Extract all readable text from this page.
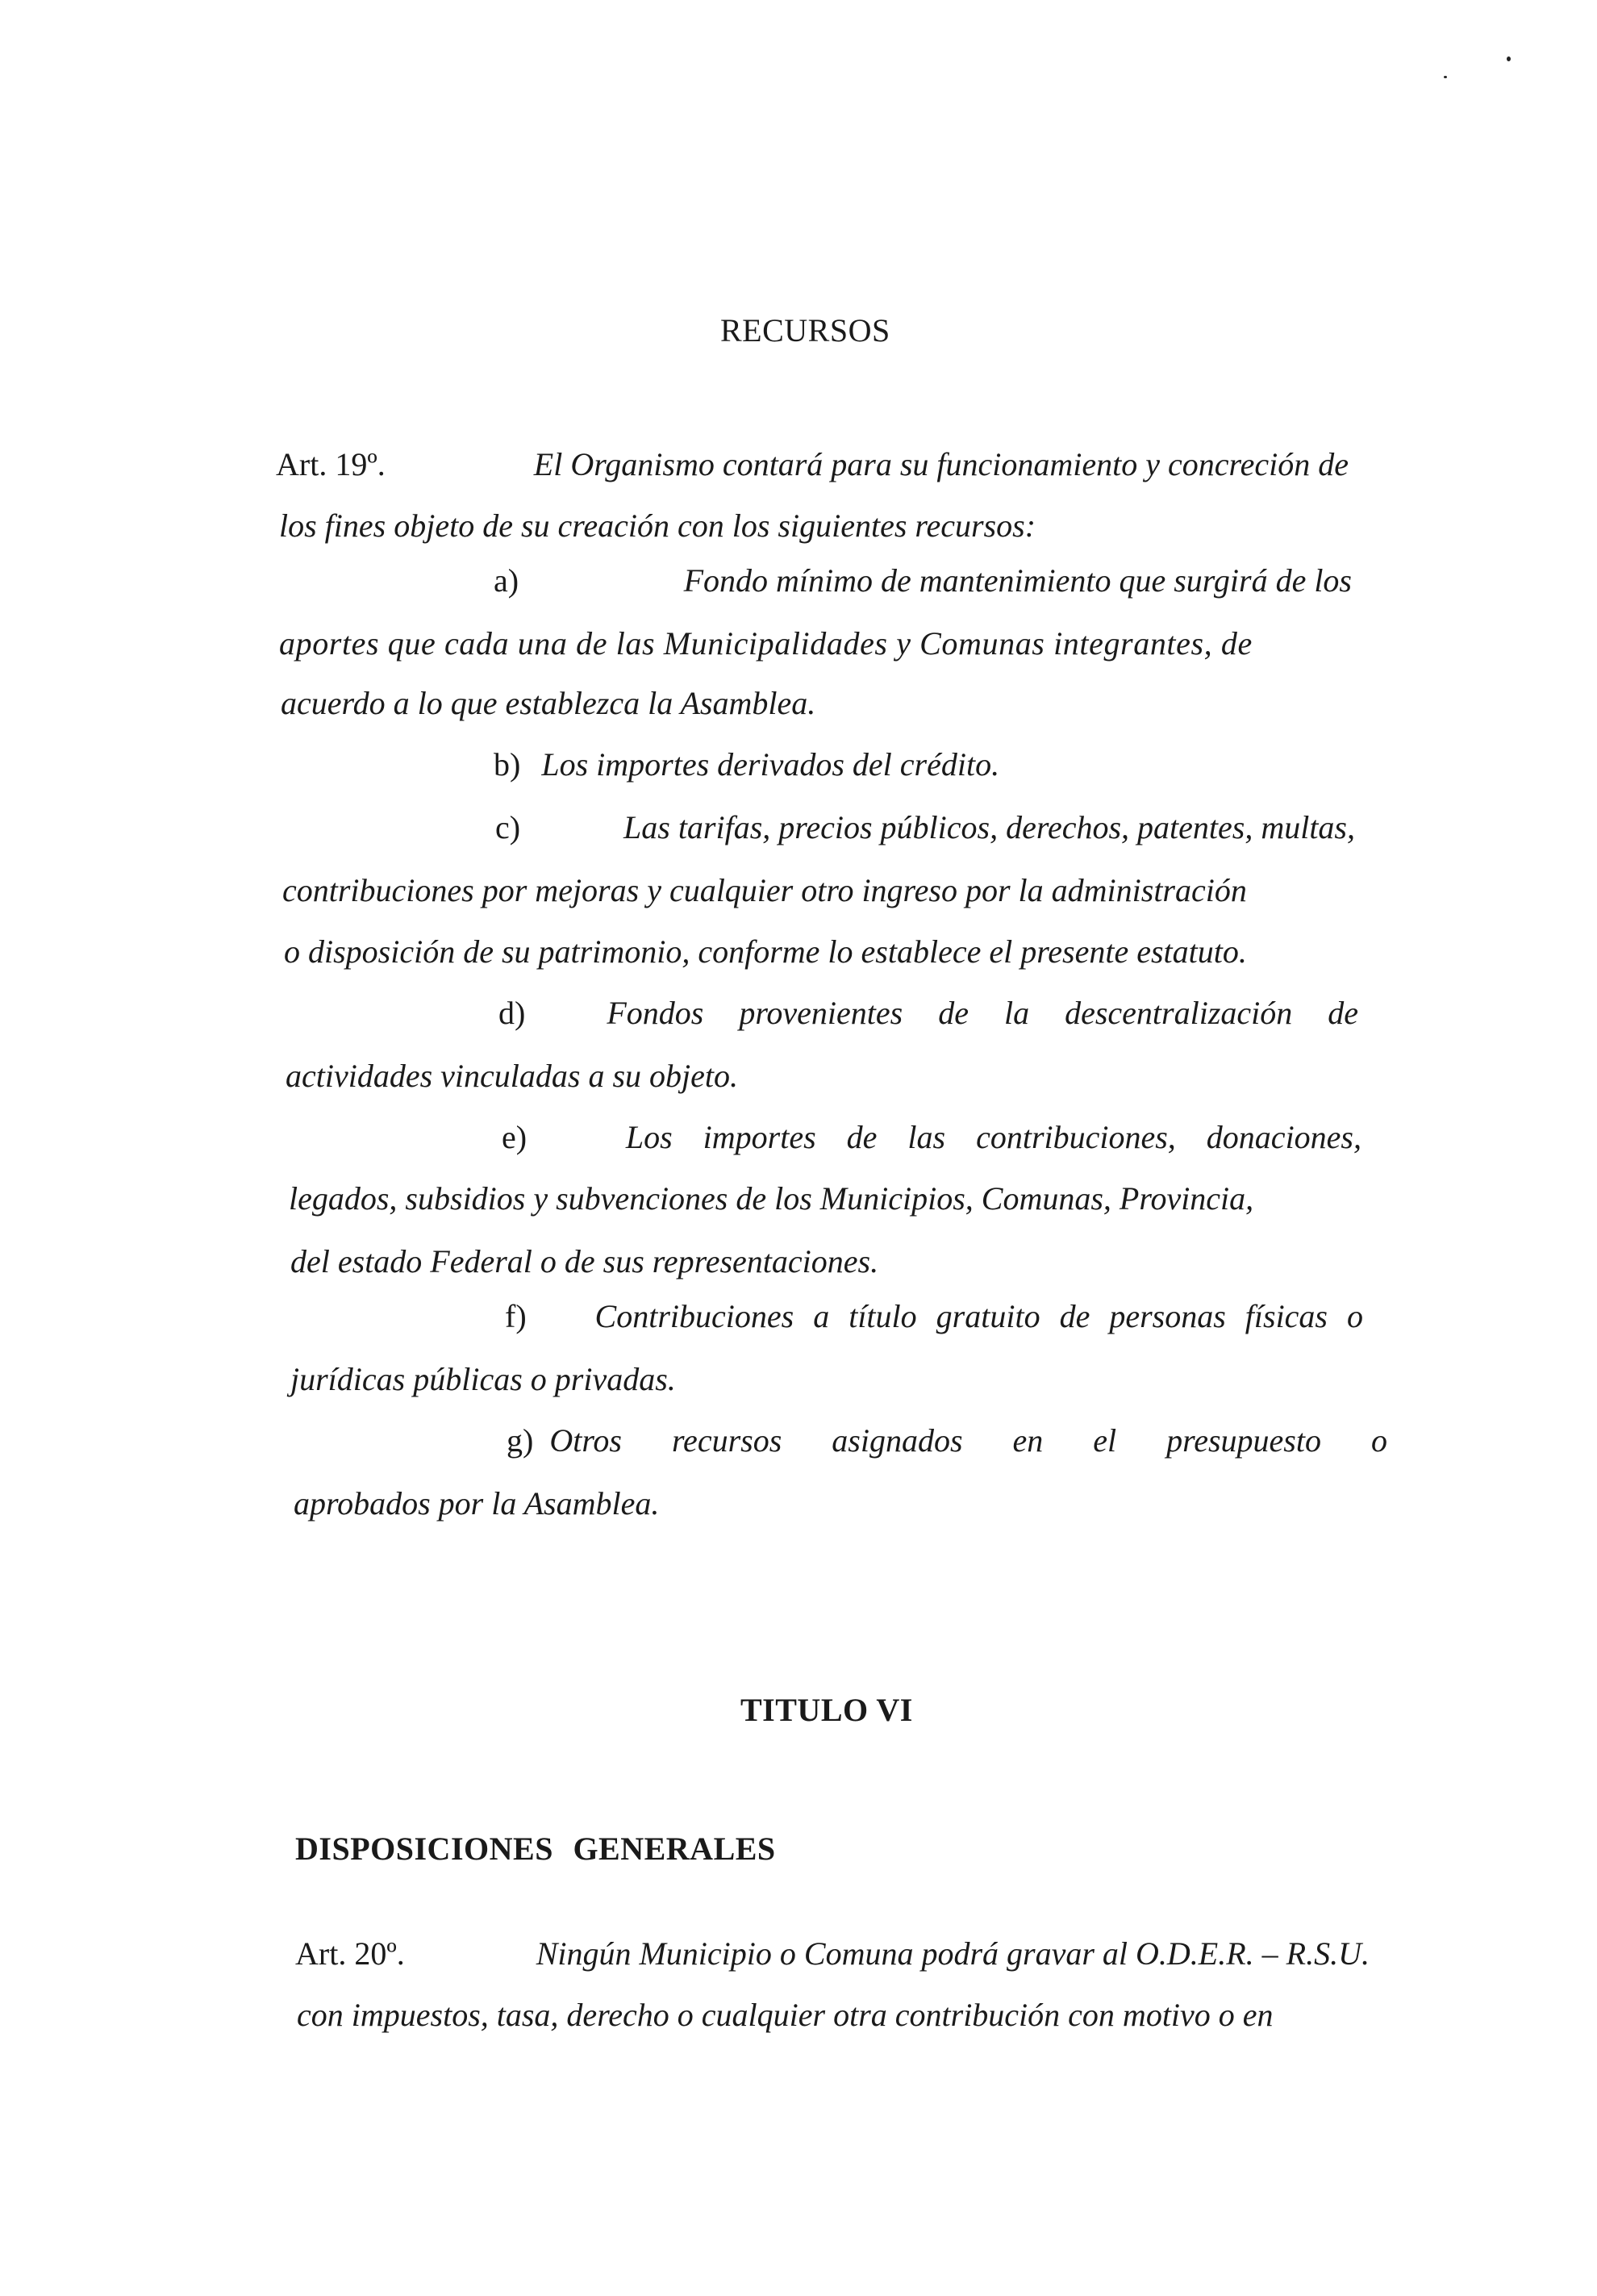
RECURSOS
Art. 19º.	El Organismo contará para su funcionamiento y concreción de
los fines objeto de su creación con los siguientes recursos:
a)	Fondo mínimo de mantenimiento que surgirá de los
aportes que cada una de las Municipalidades y Comunas integrantes, de
acuerdo a lo que establezca la Asamblea.
b) Los importes derivados del crédito.
c)	Las tarifas, precios públicos, derechos, patentes, multas,
contribuciones por mejoras y cualquier otro ingreso por la administración
o disposición de su patrimonio, conforme lo establece el presente estatuto.
d)	Fondos provenientes de la descentralización de
actividades vinculadas a su objeto.
e)	Los importes de las contribuciones, donaciones,
legados, subsidios y subvenciones de los Municipios, Comunas, Provincia,
del estado Federal o de sus representaciones.
f) Contribuciones a título gratuito de personas físicas o
jurídicas públicas o privadas.
g) Otros recursos asignados en el presupuesto o
aprobados por la Asamblea.
TITULO VI
DISPOSICIONES GENERALES
Art. 20º.	Ningún Municipio o Comuna podrá gravar al O.D.E.R. – R.S.U.
con impuestos, tasa, derecho o cualquier otra contribución con motivo o en
